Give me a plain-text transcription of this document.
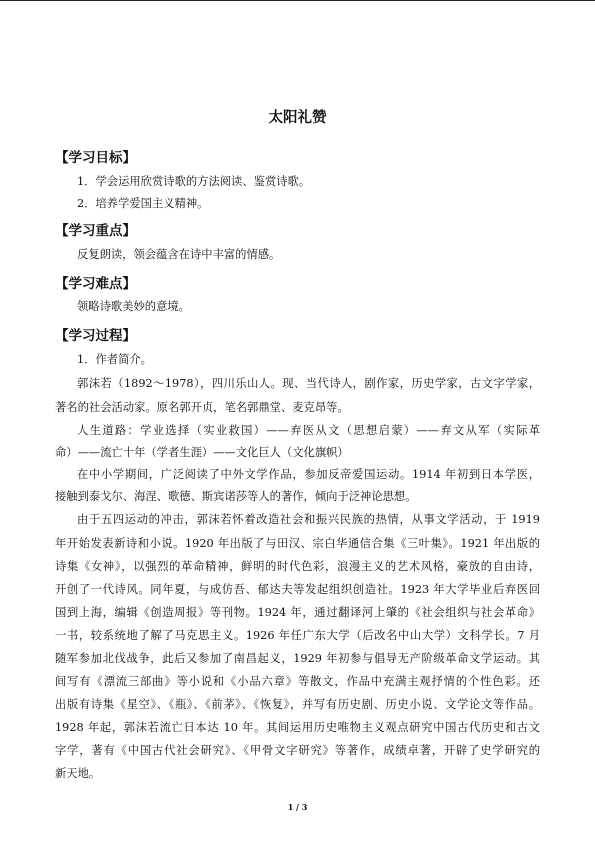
太阳礼赞
【学习目标】
1．学会运用欣赏诗歌的方法阅读、鉴赏诗歌。
2．培养学爱国主义精神。
【学习重点】
反复朗读，领会蕴含在诗中丰富的情感。
【学习难点】
领略诗歌美妙的意境。
【学习过程】
1．作者简介。
郭沫若（1892～1978），四川乐山人。现、当代诗人，剧作家，历史学家，古文字学家，
著名的社会活动家。原名郭开贞，笔名郭鼎堂、麦克昂等。
人生道路：学业选择（实业救国）——弃医从文（思想启蒙）——弃文从军（实际革
命）——流亡十年（学者生涯）——文化巨人（文化旗帜）
在中小学期间，广泛阅读了中外文学作品，参加反帝爱国运动。1914 年初到日本学医，
接触到泰戈尔、海涅、歌德、斯宾诺莎等人的著作，倾向于泛神论思想。
由于五四运动的冲击，郭沫若怀着改造社会和振兴民族的热情，从事文学活动，于 1919
年开始发表新诗和小说。1920 年出版了与田汉、宗白华通信合集《三叶集》。1921 年出版的
诗集《女神》，以强烈的革命精神，鲜明的时代色彩，浪漫主义的艺术风格，豪放的自由诗，
开创了一代诗风。同年夏，与成仿吾、郁达夫等发起组织创造社。1923 年大学毕业后弃医回
国到上海，编辑《创造周报》等刊物。1924 年，通过翻译河上肇的《社会组织与社会革命》
一书，较系统地了解了马克思主义。1926 年任广东大学（后改名中山大学）文科学长。7 月
随军参加北伐战争，此后又参加了南昌起义，1929 年初参与倡导无产阶级革命文学运动。其
间写有《漂流三部曲》等小说和《小品六章》等散文，作品中充满主观抒情的个性色彩。还
出版有诗集《星空》、《瓶》、《前茅》、《恢复》，并写有历史剧、历史小说、文学论文等作品。
1928 年起，郭沫若流亡日本达 10 年。其间运用历史唯物主义观点研究中国古代历史和古文
字学，著有《中国古代社会研究》、《甲骨文字研究》等著作，成绩卓著，开辟了史学研究的
新天地。
1 / 3
